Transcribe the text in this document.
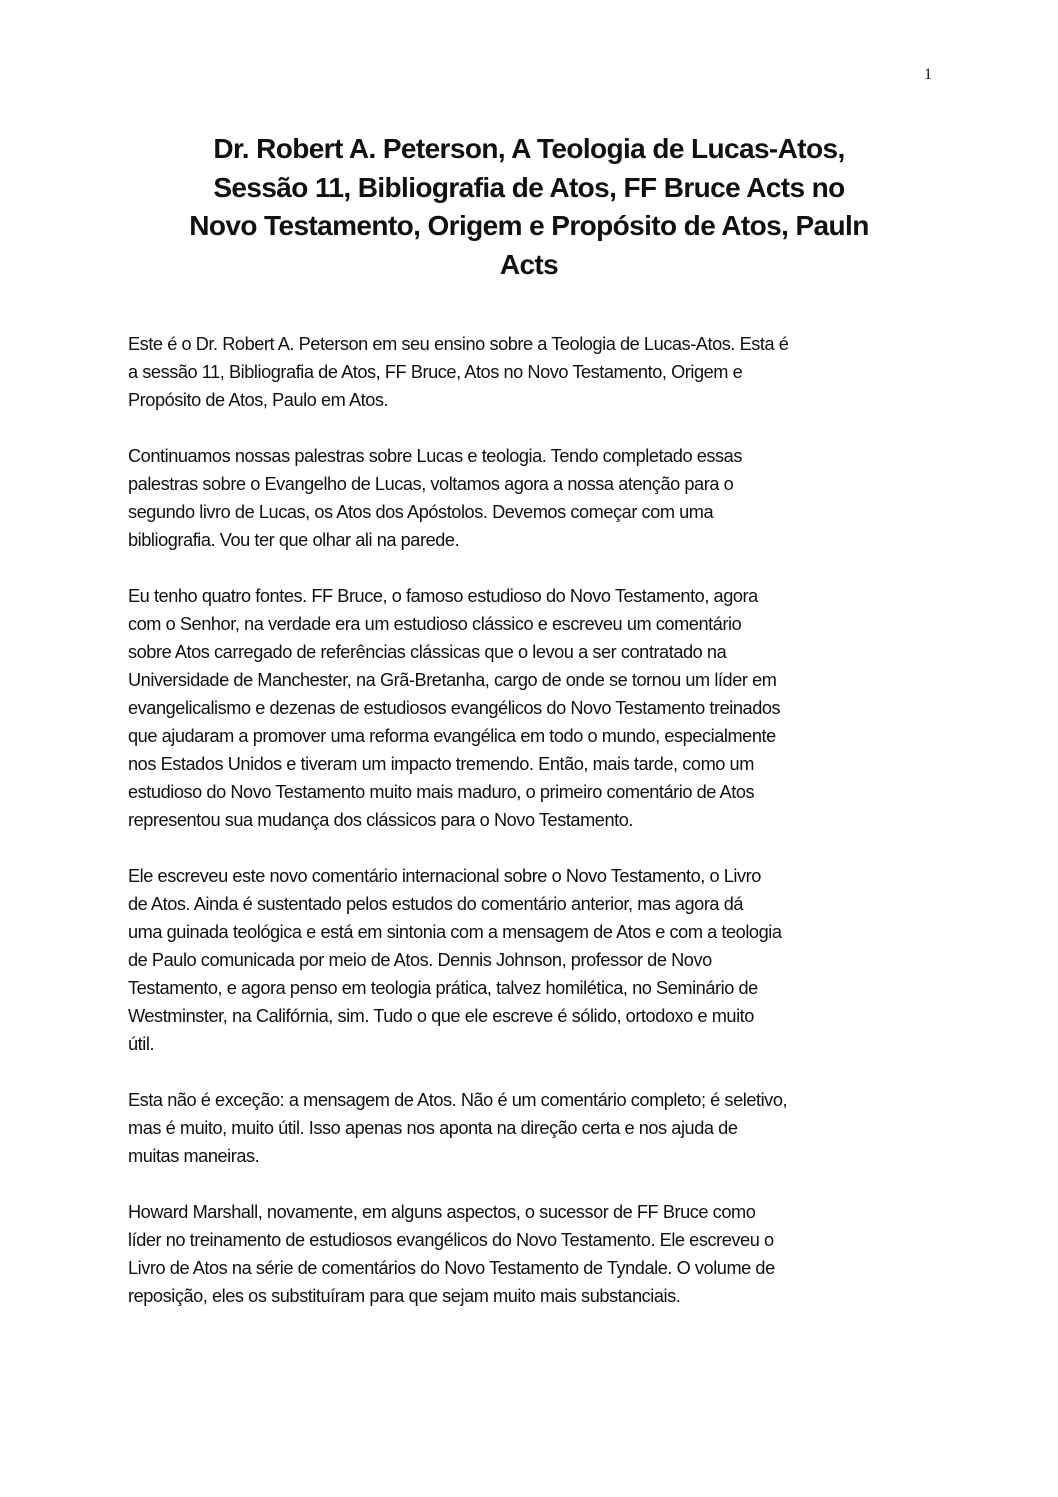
1
Dr. Robert A. Peterson, A Teologia de Lucas-Atos,
Sessão 11, Bibliografia de Atos, FF Bruce Acts no
Novo Testamento, Origem e Propósito de Atos, Pauln
Acts

Este é o Dr. Robert A. Peterson em seu ensino sobre a Teologia de Lucas-Atos. Esta é
a sessão 11, Bibliografia de Atos, FF Bruce, Atos no Novo Testamento, Origem e
Propósito de Atos, Paulo em Atos.

Continuamos nossas palestras sobre Lucas e teologia. Tendo completado essas
palestras sobre o Evangelho de Lucas, voltamos agora a nossa atenção para o
segundo livro de Lucas, os Atos dos Apóstolos. Devemos começar com uma
bibliografia. Vou ter que olhar ali na parede.

Eu tenho quatro fontes. FF Bruce, o famoso estudioso do Novo Testamento, agora
com o Senhor, na verdade era um estudioso clássico e escreveu um comentário
sobre Atos carregado de referências clássicas que o levou a ser contratado na
Universidade de Manchester, na Grã-Bretanha, cargo de onde se tornou um líder em
evangelicalismo e dezenas de estudiosos evangélicos do Novo Testamento treinados
que ajudaram a promover uma reforma evangélica em todo o mundo, especialmente
nos Estados Unidos e tiveram um impacto tremendo. Então, mais tarde, como um
estudioso do Novo Testamento muito mais maduro, o primeiro comentário de Atos
representou sua mudança dos clássicos para o Novo Testamento.

Ele escreveu este novo comentário internacional sobre o Novo Testamento, o Livro
de Atos. Ainda é sustentado pelos estudos do comentário anterior, mas agora dá
uma guinada teológica e está em sintonia com a mensagem de Atos e com a teologia
de Paulo comunicada por meio de Atos. Dennis Johnson, professor de Novo
Testamento, e agora penso em teologia prática, talvez homilética, no Seminário de
Westminster, na Califórnia, sim. Tudo o que ele escreve é sólido, ortodoxo e muito
útil.

Esta não é exceção: a mensagem de Atos. Não é um comentário completo; é seletivo,
mas é muito, muito útil. Isso apenas nos aponta na direção certa e nos ajuda de
muitas maneiras.

Howard Marshall, novamente, em alguns aspectos, o sucessor de FF Bruce como
líder no treinamento de estudiosos evangélicos do Novo Testamento. Ele escreveu o
Livro de Atos na série de comentários do Novo Testamento de Tyndale. O volume de
reposição, eles os substituíram para que sejam muito mais substanciais.
